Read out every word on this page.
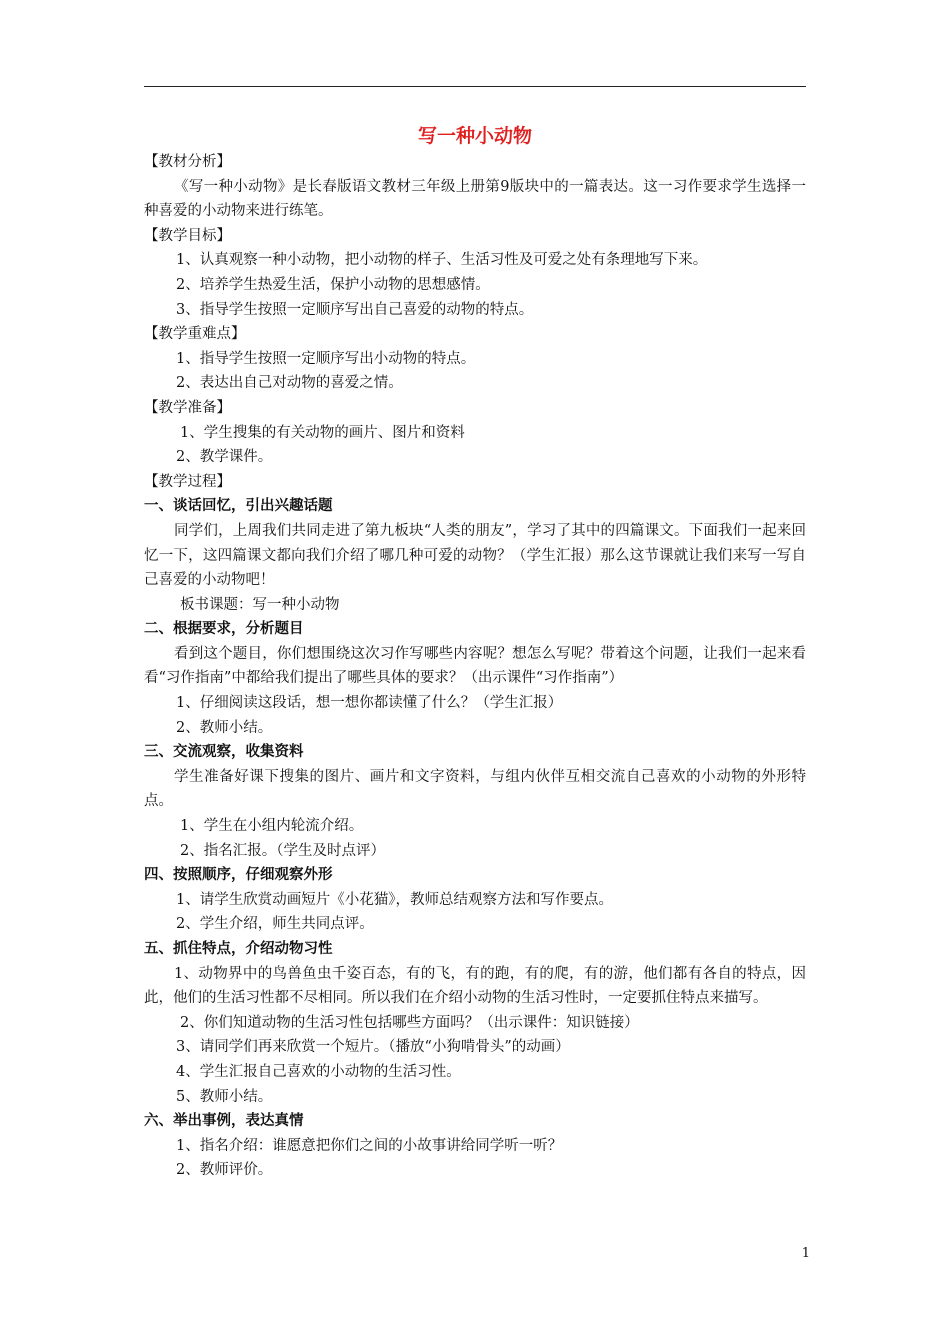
写一种小动物
【教材分析】
《写一种小动物》是长春版语文教材三年级上册第9版块中的一篇表达。这一习作要求学生选择一种喜爱的小动物来进行练笔。
【教学目标】
1、认真观察一种小动物，把小动物的样子、生活习性及可爱之处有条理地写下来。
2、培养学生热爱生活，保护小动物的思想感情。
3、指导学生按照一定顺序写出自己喜爱的动物的特点。
【教学重难点】
1、指导学生按照一定顺序写出小动物的特点。
2、表达出自己对动物的喜爱之情。
【教学准备】
1、学生搜集的有关动物的画片、图片和资料
2、教学课件。
【教学过程】
一、谈话回忆，引出兴趣话题
同学们，上周我们共同走进了第九板块“人类的朋友”，学习了其中的四篇课文。下面我们一起来回忆一下，这四篇课文都向我们介绍了哪几种可爱的动物？（学生汇报）那么这节课就让我们来写一写自己喜爱的小动物吧！
板书课题：写一种小动物
二、根据要求，分析题目
看到这个题目，你们想围绕这次习作写哪些内容呢？想怎么写呢？带着这个问题，让我们一起来看看“习作指南”中都给我们提出了哪些具体的要求？（出示课件“习作指南”）
1、仔细阅读这段话，想一想你都读懂了什么？（学生汇报）
2、教师小结。
三、交流观察，收集资料
学生准备好课下搜集的图片、画片和文字资料，与组内伙伴互相交流自己喜欢的小动物的外形特点。
1、学生在小组内轮流介绍。
2、指名汇报。（学生及时点评）
四、按照顺序，仔细观察外形
1、请学生欣赏动画短片《小花猫》，教师总结观察方法和写作要点。
2、学生介绍，师生共同点评。
五、抓住特点，介绍动物习性
1、动物界中的鸟兽鱼虫千姿百态，有的飞，有的跑，有的爬，有的游，他们都有各自的特点，因此，他们的生活习性都不尽相同。所以我们在介绍小动物的生活习性时，一定要抓住特点来描写。
2、你们知道动物的生活习性包括哪些方面吗？（出示课件：知识链接）
3、请同学们再来欣赏一个短片。（播放“小狗啃骨头”的动画）
4、学生汇报自己喜欢的小动物的生活习性。
5、教师小结。
六、举出事例，表达真情
1、指名介绍：谁愿意把你们之间的小故事讲给同学听一听？
2、教师评价。
1
